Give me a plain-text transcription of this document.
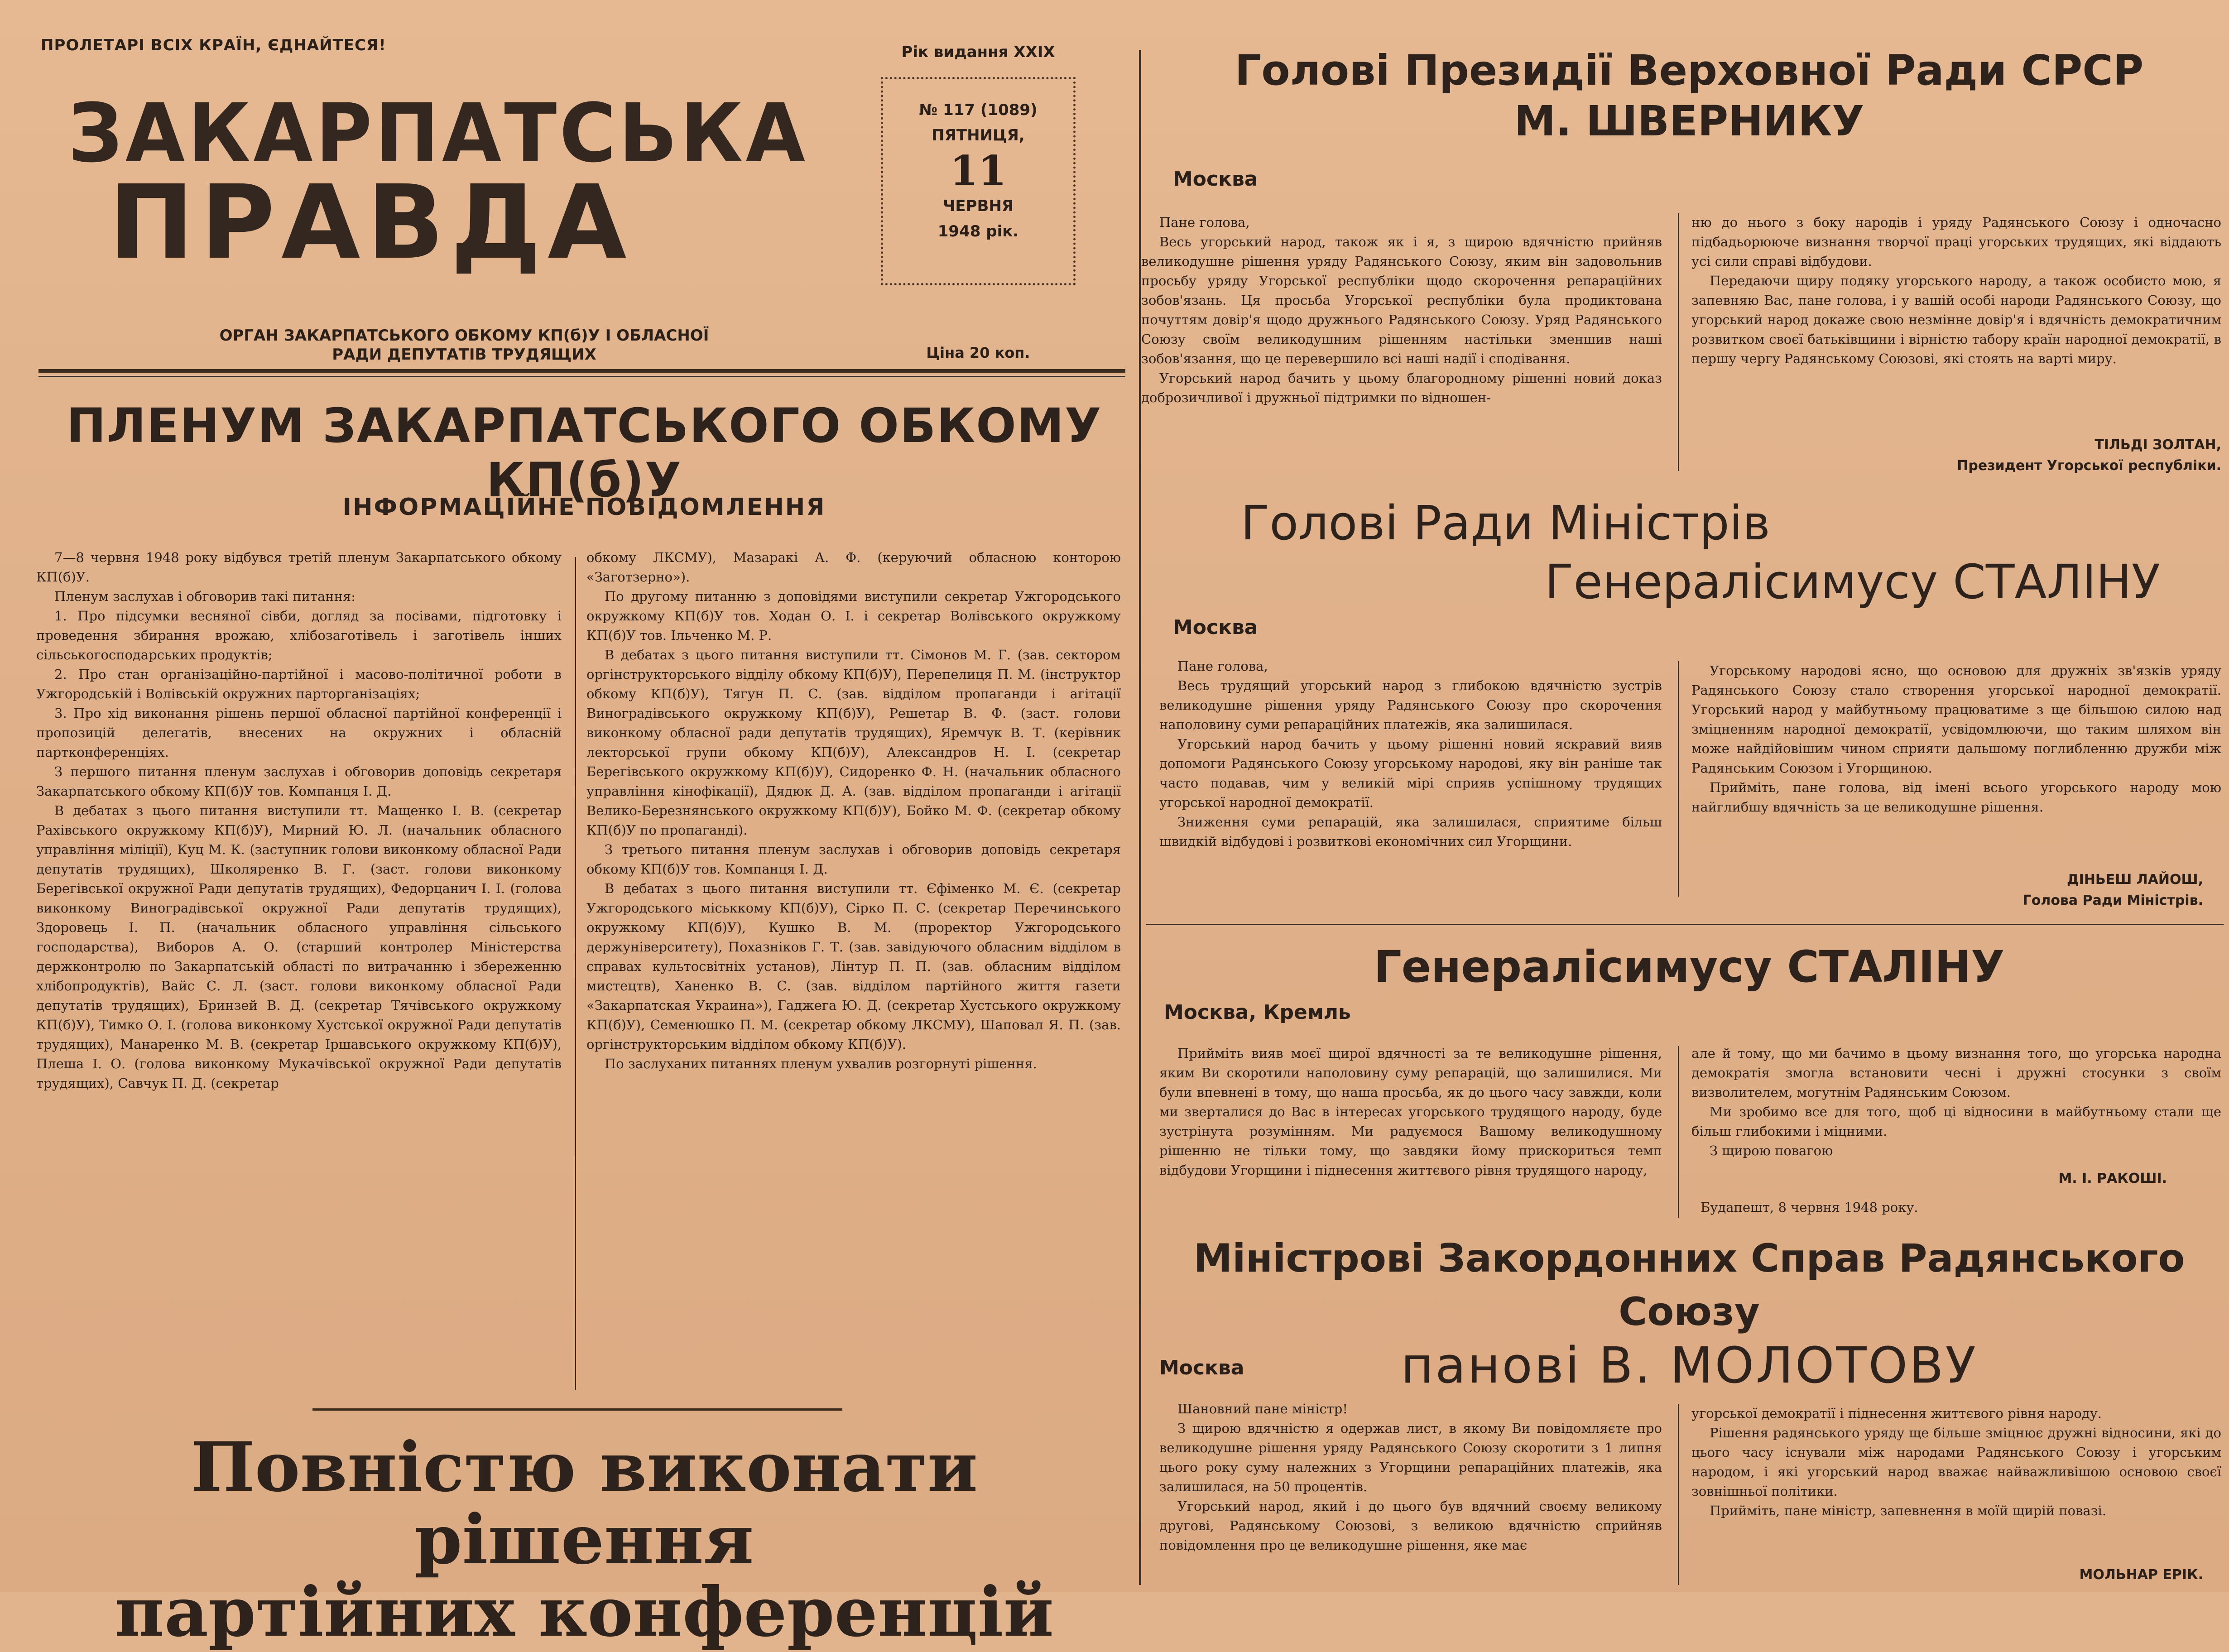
ПРОЛЕТАРІ ВСІХ КРАЇН, ЄДНАЙТЕСЯ!
ЗАКАРПАТСЬКА
ПРАВДА
ОРГАН ЗАКАРПАТСЬКОГО ОБКОМУ КП(б)У І ОБЛАСНОЇ РАДИ ДЕПУТАТІВ ТРУДЯЩИХ
Рік видання XXIX
№ 117 (1089)
ПЯТНИЦЯ,
11
ЧЕРВНЯ
1948 рік.
Ціна 20 коп.
ПЛЕНУМ ЗАКАРПАТСЬКОГО ОБКОМУ КП(б)У
ІНФОРМАЦІЙНЕ ПОВІДОМЛЕННЯ

7—8 червня 1948 року відбувся третій пленум Закарпатського обкому КП(б)У.

Пленум заслухав і обговорив такі питання:

1. Про підсумки весняної сівби, догляд за посівами, підготовку і проведення збирання врожаю, хлібозаготівель і заготівель інших сільськогосподарських продуктів;

2. Про стан організаційно-партійної і масово-політичної роботи в Ужгородській і Волівській окружних парторганізаціях;

3. Про хід виконання рішень першої обласної партійної конференції і пропозицій делегатів, внесених на окружних і обласній партконференціях.

З першого питання пленум заслухав і обговорив доповідь секретаря Закарпатського обкому КП(б)У тов. Компанця І. Д.

В дебатах з цього питання виступили тт. Мащенко І. В. (секретар Рахівського окружкому КП(б)У), Мирний Ю. Л. (начальник обласного управління міліції), Куц М. К. (заступник голови виконкому обласної Ради депутатів трудящих), Школяренко В. Г. (заст. голови виконкому Берегівської окружної Ради депутатів трудящих), Федорцанич І. І. (голова виконкому Виноградівської окружної Ради депутатів трудящих), Здоровець І. П. (начальник обласного управління сільського господарства), Виборов А. О. (старший контролер Міністерства держконтролю по Закарпатській області по витрачанню і збереженню хлібопродуктів), Вайс С. Л. (заст. голови виконкому обласної Ради депутатів трудящих), Бринзей В. Д. (секретар Тячівського окружкому КП(б)У), Тимко О. І. (голова виконкому Хустської окружної Ради депутатів трудящих), Манаренко М. В. (секретар Іршавського окружкому КП(б)У), Плеша І. О. (голова виконкому Мукачівської окружної Ради депутатів трудящих), Савчук П. Д. (секретар

обкому ЛКСМУ), Мазаракі А. Ф. (керуючий обласною конторою «Заготзерно»).

По другому питанню з доповідями виступили секретар Ужгородського окружкому КП(б)У тов. Ходан О. І. і секретар Волівського окружкому КП(б)У тов. Ільченко М. Р.

В дебатах з цього питання виступили тт. Сімонов М. Г. (зав. сектором оргінструкторського відділу обкому КП(б)У), Перепелиця П. М. (інструктор обкому КП(б)У), Тягун П. С. (зав. відділом пропаганди і агітації Виноградівського окружкому КП(б)У), Решетар В. Ф. (заст. голови виконкому обласної ради депутатів трудящих), Яремчук В. Т. (керівник лекторської групи обкому КП(б)У), Александров Н. І. (секретар Берегівського окружкому КП(б)У), Сидоренко Ф. Н. (начальник обласного управління кінофікації), Дядюк Д. А. (зав. відділом пропаганди і агітації Велико-Березнянського окружкому КП(б)У), Бойко М. Ф. (секретар обкому КП(б)У по пропаганді).

З третього питання пленум заслухав і обговорив доповідь секретаря обкому КП(б)У тов. Компанця І. Д.

В дебатах з цього питання виступили тт. Єфіменко М. Є. (секретар Ужгородського міськкому КП(б)У), Сірко П. С. (секретар Перечинського окружкому КП(б)У), Кушко В. М. (проректор Ужгородського держуніверситету), Похазніков Г. Т. (зав. завідуючого обласним відділом в справах культосвітніх установ), Лінтур П. П. (зав. обласним відділом мистецтв), Ханенко В. С. (зав. відділом партійного життя газети «Закарпатская Украина»), Гаджега Ю. Д. (секретар Хустського окружкому КП(б)У), Семенюшко П. М. (секретар обкому ЛКСМУ), Шаповал Я. П. (зав. оргінструкторським відділом обкому КП(б)У).

По заслуханих питаннях пленум ухвалив розгорнуті рішення.

Повністю виконати рішення
партійних конференцій
Голові Президії Верховної Ради СРСР
М. ШВЕРНИКУ
Москва

Пане голова,

Весь угорський народ, також як і я, з щирою вдячністю прийняв великодушне рішення уряду Радянського Союзу, яким він задовольнив просьбу уряду Угорської республіки щодо скорочення репараційних зобов'язань. Ця просьба Угорської республіки була продиктована почуттям довір'я щодо дружнього Радянського Союзу. Уряд Радянського Союзу своїм великодушним рішенням настільки зменшив наші зобов'язання, що це перевершило всі наші надії і сподівання.

Угорський народ бачить у цьому благородному рішенні новий доказ доброзичливої і дружньої підтримки по відношен-

ню до нього з боку народів і уряду Радянського Союзу і одночасно підбадьорююче визнання творчої праці угорських трудящих, які віддають усі сили справі відбудови.

Передаючи щиру подяку угорського народу, а також особисто мою, я запевняю Вас, пане голова, і у вашій особі народи Радянського Союзу, що угорський народ докаже свою незмінне довір'я і вдячність демократичним розвитком своєї батьківщини і вірністю табору країн народної демократії, в першу чергу Радянському Союзові, які стоять на варті миру.

ТІЛЬДІ ЗОЛТАН,
Президент Угорської республіки.
Голові Ради Міністрів
Генералісимусу СТАЛІНУ
Москва

Пане голова,

Весь трудящий угорський народ з глибокою вдячністю зустрів великодушне рішення уряду Радянського Союзу про скорочення наполовину суми репараційних платежів, яка залишилася.

Угорський народ бачить у цьому рішенні новий яскравий вияв допомоги Радянського Союзу угорському народові, яку він раніше так часто подавав, чим у великій мірі сприяв успішному трудящих угорської народної демократії.

Зниження суми репарацій, яка залишилася, сприятиме більш швидкій відбудові і розвиткові економічних сил Угорщини.

Угорському народові ясно, що основою для дружніх зв'язків уряду Радянського Союзу стало створення угорської народної демократії. Угорський народ у майбутньому працюватиме з ще більшою силою над зміцненням народної демократії, усвідомлюючи, що таким шляхом він може найдійовішим чином сприяти дальшому поглибленню дружби між Радянським Союзом і Угорщиною.

Прийміть, пане голова, від імені всього угорського народу мою найглибшу вдячність за це великодушне рішення.

ДІНЬЕШ ЛАЙОШ,
Голова Ради Міністрів.
Генералісимусу СТАЛІНУ
Москва, Кремль

Прийміть вияв моєї щирої вдячності за те великодушне рішення, яким Ви скоротили наполовину суму репарацій, що залишилися. Ми були впевнені в тому, що наша просьба, як до цього часу завжди, коли ми зверталися до Вас в інтересах угорського трудящого народу, буде зустрінута розумінням. Ми радуємося Вашому великодушному рішенню не тільки тому, що завдяки йому прискориться темп відбудови Угорщини і піднесення життєвого рівня трудящого народу,

але й тому, що ми бачимо в цьому визнання того, що угорська народна демократія змогла встановити чесні і дружні стосунки з своїм визволителем, могутнім Радянським Союзом.

Ми зробимо все для того, щоб ці відносини в майбутньому стали ще більш глибокими і міцними.

З щирою повагою

М. І. РАКОШІ.
Будапешт, 8 червня 1948 року.
Міністрові Закордонних Справ Радянського Союзу
панові В. МОЛОТОВУ
Москва

Шановний пане міністр!

З щирою вдячністю я одержав лист, в якому Ви повідомляєте про великодушне рішення уряду Радянського Союзу скоротити з 1 липня цього року суму належних з Угорщини репараційних платежів, яка залишилася, на 50 процентів.

Угорський народ, який і до цього був вдячний своєму великому другові, Радянському Союзові, з великою вдячністю сприйняв повідомлення про це великодушне рішення, яке має

угорської демократії і піднесення життєвого рівня народу.

Рішення радянського уряду ще більше зміцнює дружні відносини, які до цього часу існували між народами Радянського Союзу і угорським народом, і які угорський народ вважає найважливішою основою своєї зовнішньої політики.

Прийміть, пане міністр, запевнення в моїй щирій повазі.

МОЛЬНАР ЕРІК.
